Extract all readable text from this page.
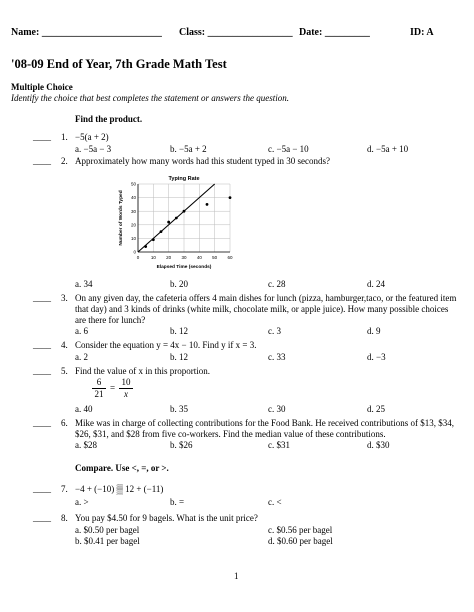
Name: ________________________ Class: _________________ Date: _________	ID: A
'08-09 End of Year, 7th Grade Math Test
Multiple Choice
Identify the choice that best completes the statement or answers the question.
Find the product.
____ 1. −5(a + 2)
a. −5a − 3	b. −5a + 2	c. −5a − 10	d. −5a + 10
____ 2. Approximately how many words had this student typed in 30 seconds?
0	10 20 30 40 50 60
0
10
20
30
40
50
Typing Rate
Elapsed Time (seconds)
Number of Words Typed
a. 34	b. 20	c. 28	d. 24
____ 3. On any given day, the cafeteria offers 4 main dishes for lunch (pizza, hamburger,taco, or the featured item that day) and 3 kinds of drinks (white milk, chocolate milk, or apple juice). How many possible choices are there for lunch?
a. 6	b. 12	c. 3	d. 9
____ 4. Consider the equation y = 4x − 10. Find y if x = 3.
a. 2	b. 12	c. 33	d. −3
____ 5. Find the value of x in this proportion.
6
21
=
10
x
a. 40	b. 35	c. 30	d. 25
____ 6. Mike was in charge of collecting contributions for the Food Bank. He received contributions of $13, $34, $26, $31, and $28 from five co-workers. Find the median value of these contributions.
a. $28	b. $26	c. $31	d. $30
Compare. Use <, =, or >.
____ 7. −4 + (−10) ▒ 12 + (−11)
a. >	b. =	c. <
____ 8. You pay $4.50 for 9 bagels. What is the unit price?
a. $0.50 per bagel	c. $0.56 per bagel
b. $0.41 per bagel	d. $0.60 per bagel
1
